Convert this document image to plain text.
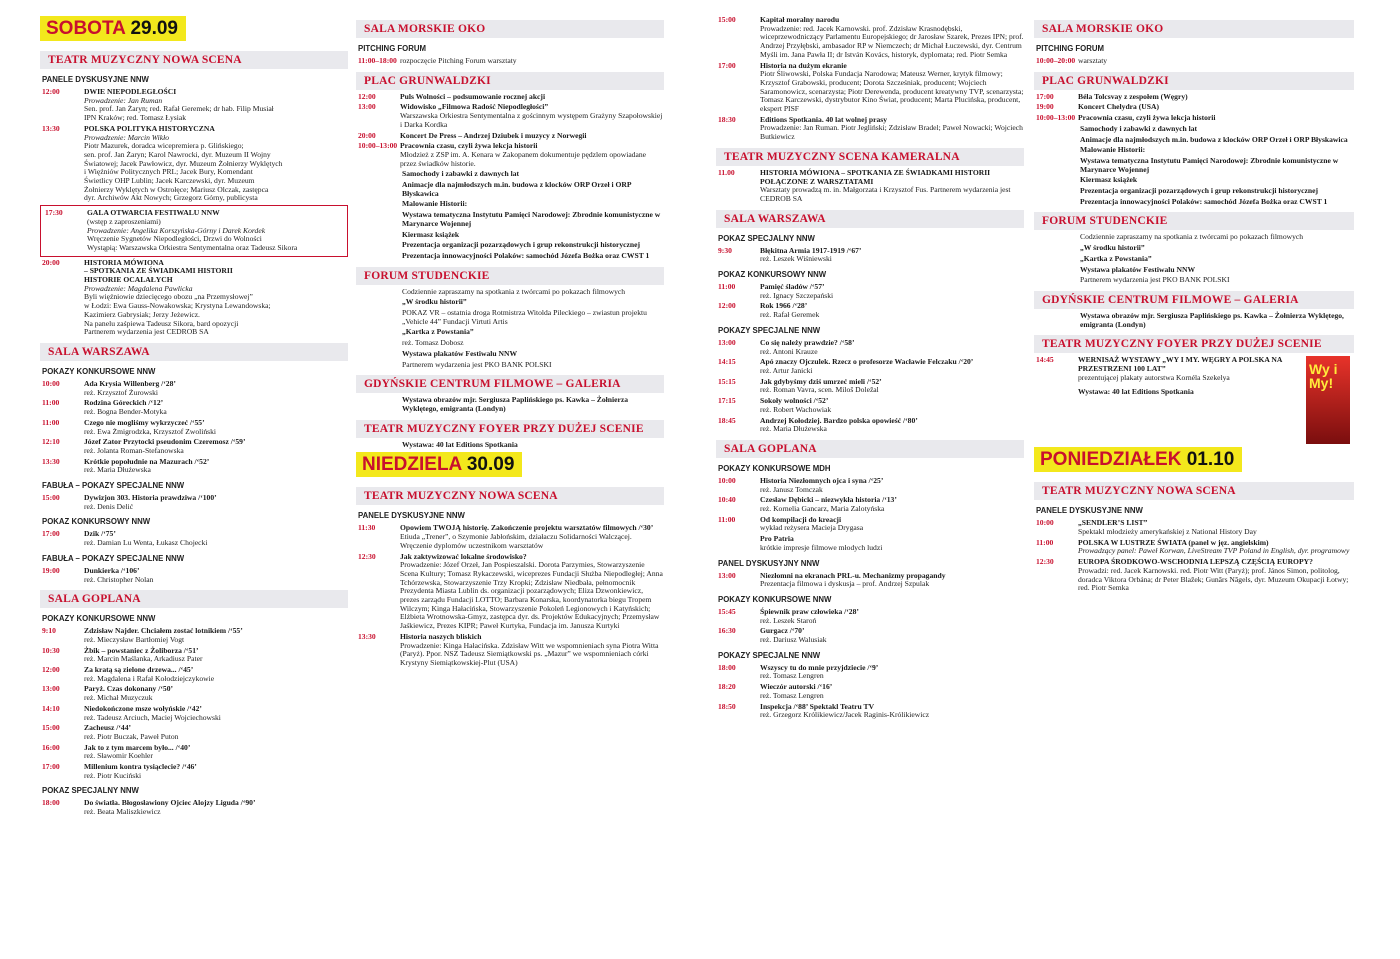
SOBOTA 29.09
TEATR MUZYCZNY NOWA SCENA
PANELE DYSKUSYJNE NNW
12:00	DWIE NIEPODLEGŁOŚCI
Prowadzenie: Jan Ruman
Sen. prof. Jan Żaryn; red. Rafał Geremek; dr hab. Filip Musiał
IPN Kraków; red. Tomasz Łysiak
13:30	POLSKA POLITYKA HISTORYCZNA
Prowadzenie: Marcin Wikło
Piotr Mazurek, doradca wicepremiera p. Glińskiego;
sen. prof. Jan Żaryn; Karol Nawrocki, dyr. Muzeum II Wojny
Światowej; Jacek Pawłowicz, dyr. Muzeum Żołnierzy Wyklętych
i Więźniów Politycznych PRL; Jacek Bury, Komendant
Świetlicy OHP Lublin; Jacek Karczewski, dyr. Muzeum
Żołnierzy Wyklętych w Ostrołęce; Mariusz Olczak, zastępca
dyr. Archiwów Akt Nowych; Grzegorz Górny, publicysta
17:30	GALA OTWARCIA FESTIWALU NNW
(wstęp z zaproszeniami)
Prowadzenie: Angelika Korszyńska-Górny i Darek Kordek
Wręczenie Sygnetów Niepodległości, Drzwi do Wolności
Wystąpią: Warszawska Orkiestra Sentymentalna oraz Tadeusz Sikora
20:00	HISTORIA MÓWIONA
– SPOTKANIA ZE ŚWIADKAMI HISTORII
HISTORIE OCALAŁYCH
Prowadzenie: Magdalena Pawlicka
Byli więźniowie dziecięcego obozu „na Przemysłowej”
w Łodzi: Ewa Gauss-Nowakowska; Krystyna Lewandowska;
Kazimierz Gabrysiak; Jerzy Jeżewicz.
Na panelu zaśpiewa Tadeusz Sikora, bard opozycji
Partnerem wydarzenia jest CEDROB SA
SALA WARSZAWA
POKAZY KONKURSOWE NNW
10:00	Ada Krysia Willenberg /‘28’
reż. Krzysztof Żurowski
11:00	Rodzina Góreckich /‘12’
reż. Bogna Bender-Motyka
11:00	Czego nie mogliśmy wykrzyczeć /‘55’
reż. Ewa Żmigrodzka, Krzysztof Zwoliński
12:10	Józef Zator Przytocki pseudonim Czeremosz /‘59’
reż. Jolanta Roman-Stefanowska
13:30	Krótkie popołudnie na Mazurach /‘52’
reż. Maria Dłużewska
FABUŁA – POKAZY SPECJALNE NNW
15:00	Dywizjon 303. Historia prawdziwa /‘100’
reż. Denis Delić
POKAZ KONKURSOWY NNW
17:00	Dzik /‘75’
reż. Damian Lu Wenta, Łukasz Chojecki
FABUŁA – POKAZY SPECJALNE NNW
19:00	Dunkierka /‘106’
reż. Christopher Nolan
SALA GOPLANA
POKAZY KONKURSOWE NNW
9:10	Zdzisław Najder. Chciałem zostać lotnikiem /‘55’
reż. Mieczysław Bartłomiej Vogt
10:30	Żbik – powstaniec z Żoliborza /‘51’
reż. Marcin Maślanka, Arkadiusz Pater
12:00	Za kratą są zielone drzewa... /‘45’
reż. Magdalena i Rafał Kołodziejczykowie
13:00	Paryż. Czas dokonany /‘50’
reż. Michał Muzyczuk
14:10	Niedokończone msze wołyńskie /‘42’
reż. Tadeusz Arciuch, Maciej Wojciechowski
15:00	Zacheusz /‘44’
reż. Piotr Buczak, Paweł Puton
16:00	Jak to z tym marcem było... /‘40’
reż. Sławomir Koehler
17:00	Millenium kontra tysiąclecie? /‘46’
reż. Piotr Kuciński
POKAZ SPECJALNY NNW
18:00	Do światła. Błogosławiony Ojciec Alojzy Liguda /‘90’
reż. Beata Maliszkiewicz
SALA MORSKIE OKO
PITCHING FORUM
11:00–18:00 rozpoczęcie Pitching Forum warsztaty
PLAC GRUNWALDZKI
12:00	Puls Wolności – podsumowanie rocznej akcji
13:00	Widowisko „Filmowa Radość Niepodległości”
Warszawska Orkiestra Sentymentalna z gościnnym występem Grażyny Szapołowskiej i Darka Kordka
20:00	Koncert De Press – Andrzej Dziubek i muzycy z Norwegii
10:00–13:00 Pracownia czasu, czyli żywa lekcja historii
Młodzież z ZSP im. A. Kenara w Zakopanem dokumentuje pędzlem opowiadane przez świadków historie.
Samochody i zabawki z dawnych lat
Animacje dla najmłodszych m.in. budowa z klocków ORP Orzeł i ORP Błyskawica
Malowanie Historii:
Wystawa tematyczna Instytutu Pamięci Narodowej: Zbrodnie komunistyczne w Marynarce Wojennej
Kiermasz książek
Prezentacja organizacji pozarządowych i grup rekonstrukcji historycznej
Prezentacja innowacyjności Polaków: samochód Józefa Bożka oraz CWST 1
FORUM STUDENCKIE
Codziennie zapraszamy na spotkania z twórcami po pokazach filmowych
„W środku historii”
POKAZ VR – ostatnia droga Rotmistrza Witolda Pileckiego – zwiastun projektu „Vehicle 44” Fundacji Virtuti Artis
„Kartka z Powstania”
reż. Tomasz Dobosz
Wystawa plakatów Festiwalu NNW
Partnerem wydarzenia jest PKO BANK POLSKI
GDYŃSKIE CENTRUM FILMOWE – GALERIA
Wystawa obrazów mjr. Sergiusza Paplińskiego ps. Kawka – Żołnierza Wyklętego, emigranta (Londyn)
TEATR MUZYCZNY FOYER PRZY DUŻEJ SCENIE
Wystawa: 40 lat Editions Spotkania
NIEDZIELA 30.09
TEATR MUZYCZNY NOWA SCENA
PANELE DYSKUSYJNE NNW
11:30	Opowiem TWOJĄ historię. Zakończenie projektu warsztatów filmowych /‘30’
Etiuda „Trener”, o Szymonie Jabłońskim, działaczu Solidarności Walczącej. Wręczenie dyplomów uczestnikom warsztatów
12:30	Jak zaktywizować lokalne środowisko?
Prowadzenie: Józef Orzeł, Jan Pospieszalski. Dorota Parzymies, Stowarzyszenie Scena Kultury; Tomasz Rykaczewski, wiceprezes Fundacji Służba Niepodległej; Anna Tchórzewska, Stowarzyszenie Trzy Kropki; Zdzisław Niedbała, pełnomocnik Prezydenta Miasta Lublin ds. organizacji pozarządowych; Eliza Dzwonkiewicz, prezes zarządu Fundacji LOTTO; Barbara Konarska, koordynatorka biegu Tropem Wilczym; Kinga Hałacińska, Stowarzyszenie Pokoleń Legionowych i Katyńskich; Elżbieta Wrotnowska-Gmyz, zastępca dyr. ds. Projektów Edukacyjnych; Przemysław Jaśkiewicz, Prezes KIPR; Paweł Kurtyka, Fundacja im. Janusza Kurtyki
13:30	Historia naszych bliskich
Prowadzenie: Kinga Hałacińska. Zdzisław Witt we wspomnieniach syna Piotra Witta (Paryż). Ppor. NSZ Tadeusz Siemiątkowski ps. „Mazur” we wspomnieniach córki Krystyny Siemiątkowskiej-Plut (USA)
15:00	Kapitał moralny narodu
Prowadzenie: red. Jacek Karnowski. prof. Zdzisław Krasnodębski, wiceprzewodniczący Parlamentu Europejskiego; dr Jarosław Szarek, Prezes IPN; prof. Andrzej Przyłębski, ambasador RP w Niemczech; dr Michał Łuczewski, dyr. Centrum Myśli im. Jana Pawła II; dr István Kovács, historyk, dyplomata; red. Piotr Semka
17:00	Historia na dużym ekranie
Piotr Śliwowski, Polska Fundacja Narodowa; Mateusz Werner, krytyk filmowy; Krzysztof Grabowski, producent; Dorota Szcześniak, producent; Wojciech Saramonowicz, scenarzysta; Piotr Derewenda, producent kreatywny TVP, scenarzysta; Tomasz Karczewski, dystrybutor Kino Świat, producent; Marta Plucińska, producent, ekspert PISF
18:30	Editions Spotkania. 40 lat wolnej prasy
Prowadzenie: Jan Ruman. Piotr Jegliński; Zdzisław Bradel; Paweł Nowacki; Wojciech Butkiewicz
TEATR MUZYCZNY SCENA KAMERALNA
11.00	HISTORIA MÓWIONA – SPOTKANIA ZE ŚWIADKAMI HISTORII POŁĄCZONE Z WARSZTATAMI
Warsztaty prowadzą m. in. Małgorzata i Krzysztof Fus. Partnerem wydarzenia jest CEDROB SA
SALA WARSZAWA
POKAZ SPECJALNY NNW
9:30	Błękitna Armia 1917-1919 /‘67’
reż. Leszek Wiśniewski
POKAZ KONKURSOWY NNW
11:00	Pamięć śladów /‘57’
reż. Ignacy Szczepański
12:00	Rok 1966 /‘28’
reż. Rafał Geremek
POKAZY SPECJALNE NNW
13:00	Co się należy prawdzie? /‘58’
reż. Antoni Krauze
14:15	Apó znaczy Ojczulek. Rzecz o profesorze Wacławie Felczaku /‘20’
reż. Artur Janicki
15:15	Jak gdybyśmy dziś umrzeć mieli /‘52’
reż. Roman Vavra, scen. Miloš Doležal
17:15	Sokoły wolności /‘52’
reż. Robert Wachowiak
18:45	Andrzej Kołodziej. Bardzo polska opowieść /‘80’
reż. Maria Dłużewska
SALA GOPLANA
POKAZY KONKURSOWE MDH
10:00	Historia Niezłomnych ojca i syna /‘25’
reż. Janusz Tomczak
10:40	Czesław Dębicki – niezwykła historia /‘13’
reż. Kornelia Gancarz, Maria Zalotyńska
11:00	Od kompilacji do kreacji
wykład reżysera Macieja Drygasa
Pro Patria
krótkie impresje filmowe młodych ludzi
PANEL DYSKUSYJNY NNW
13:00	Niezłomni na ekranach PRL-u. Mechanizmy propagandy
Prezentacja filmowa i dyskusja – prof. Andrzej Szpulak
POKAZY KONKURSOWE NNW
15:45	Śpiewnik praw człowieka /‘28’
reż. Leszek Staroń
16:30	Gurgacz /‘70’
reż. Dariusz Walusiak
POKAZY SPECJALNE NNW
18:00	Wszyscy tu do mnie przyjdziecie /‘9’
reż. Tomasz Lengren
18:20	Wieczór autorski /‘16’
reż. Tomasz Lengren
18:50	Inspekcja /‘88’ Spektakl Teatru TV
reż. Grzegorz Królikiewicz/Jacek Raginis-Królikiewicz
SALA MORSKIE OKO
PITCHING FORUM
10:00–20:00 warsztaty
PLAC GRUNWALDZKI
17:00	Béla Tolcsvay z zespołem (Węgry)
19:00	Koncert Chelydra (USA)
10:00–13:00 Pracownia czasu, czyli żywa lekcja historii
Samochody i zabawki z dawnych lat
Animacje dla najmłodszych m.in. budowa z klocków ORP Orzeł i ORP Błyskawica
Malowanie Historii:
Wystawa tematyczna Instytutu Pamięci Narodowej: Zbrodnie komunistyczne w Marynarce Wojennej
Kiermasz książek
Prezentacja organizacji pozarządowych i grup rekonstrukcji historycznej
Prezentacja innowacyjności Polaków: samochód Józefa Bożka oraz CWST 1
FORUM STUDENCKIE
Codziennie zapraszamy na spotkania z twórcami po pokazach filmowych
„W środku historii”
„Kartka z Powstania”
Wystawa plakatów Festiwalu NNW
Partnerem wydarzenia jest PKO BANK POLSKI
GDYŃSKIE CENTRUM FILMOWE – GALERIA
Wystawa obrazów mjr. Sergiusza Paplińskiego ps. Kawka – Żołnierza Wyklętego, emigranta (Londyn)
TEATR MUZYCZNY FOYER PRZY DUŻEJ SCENIE
14:45	WERNISAŻ WYSTAWY „WY I MY. WĘGRY A POLSKA NA PRZESTRZENI 100 LAT”
prezentującej plakaty autorstwa Kornéla Szekelya
Wystawa: 40 lat Editions Spotkania
Wy i My!
PONIEDZIAŁEK 01.10
TEATR MUZYCZNY NOWA SCENA
PANELE DYSKUSYJNE NNW
10:00	„SENDLER’S LIST”
Spektakl młodzieży amerykańskiej z National History Day
11:00	POLSKA W LUSTRZE ŚWIATA (panel w jęz. angielskim)
Prowadzący panel: Paweł Korwan, LiveStream TVP Poland in English, dyr. programowy
12:30	EUROPA ŚRODKOWO-WSCHODNIA LEPSZĄ CZĘŚCIĄ EUROPY?
Prowadzi: red. Jacek Karnowski. red. Piotr Witt (Paryż); prof. János Simon, politolog, doradca Viktora Orbána; dr Peter Blažek; Gunārs Nāgels, dyr. Muzeum Okupacji Łotwy; red. Piotr Semka
